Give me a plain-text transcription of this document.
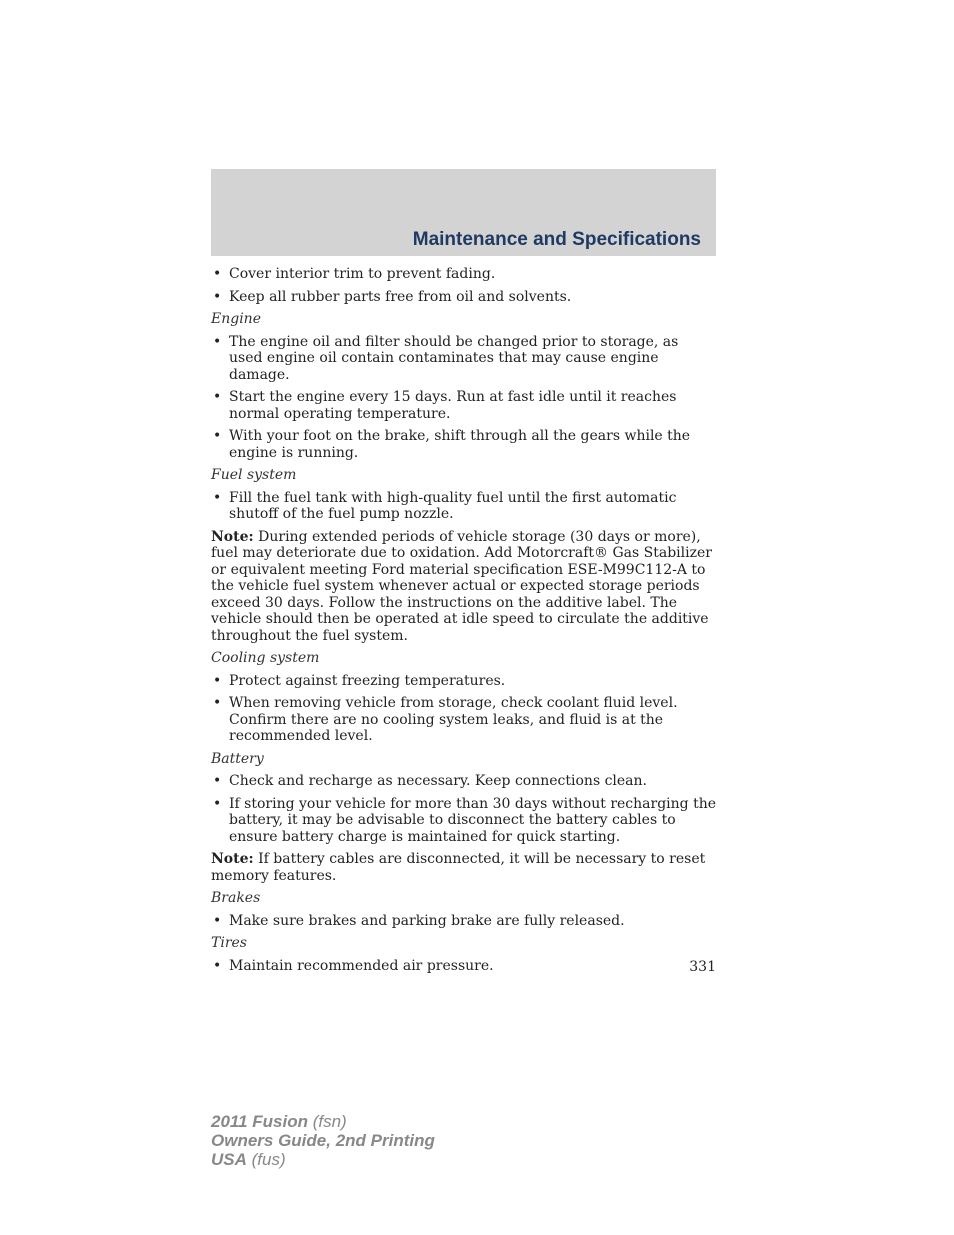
Maintenance and Specifications
• Cover interior trim to prevent fading.
• Keep all rubber parts free from oil and solvents.
Engine
• The engine oil and filter should be changed prior to storage, as used engine oil contain contaminates that may cause engine damage.
• Start the engine every 15 days. Run at fast idle until it reaches normal operating temperature.
• With your foot on the brake, shift through all the gears while the engine is running.
Fuel system
• Fill the fuel tank with high-quality fuel until the first automatic shutoff of the fuel pump nozzle.
Note: During extended periods of vehicle storage (30 days or more), fuel may deteriorate due to oxidation. Add Motorcraft® Gas Stabilizer or equivalent meeting Ford material specification ESE-M99C112-A to the vehicle fuel system whenever actual or expected storage periods exceed 30 days. Follow the instructions on the additive label. The vehicle should then be operated at idle speed to circulate the additive throughout the fuel system.
Cooling system
• Protect against freezing temperatures.
• When removing vehicle from storage, check coolant fluid level. Confirm there are no cooling system leaks, and fluid is at the recommended level.
Battery
• Check and recharge as necessary. Keep connections clean.
• If storing your vehicle for more than 30 days without recharging the battery, it may be advisable to disconnect the battery cables to ensure battery charge is maintained for quick starting.
Note: If battery cables are disconnected, it will be necessary to reset memory features.
Brakes
• Make sure brakes and parking brake are fully released.
Tires
• Maintain recommended air pressure.	331
2011 Fusion (fsn)
Owners Guide, 2nd Printing
USA (fus)
